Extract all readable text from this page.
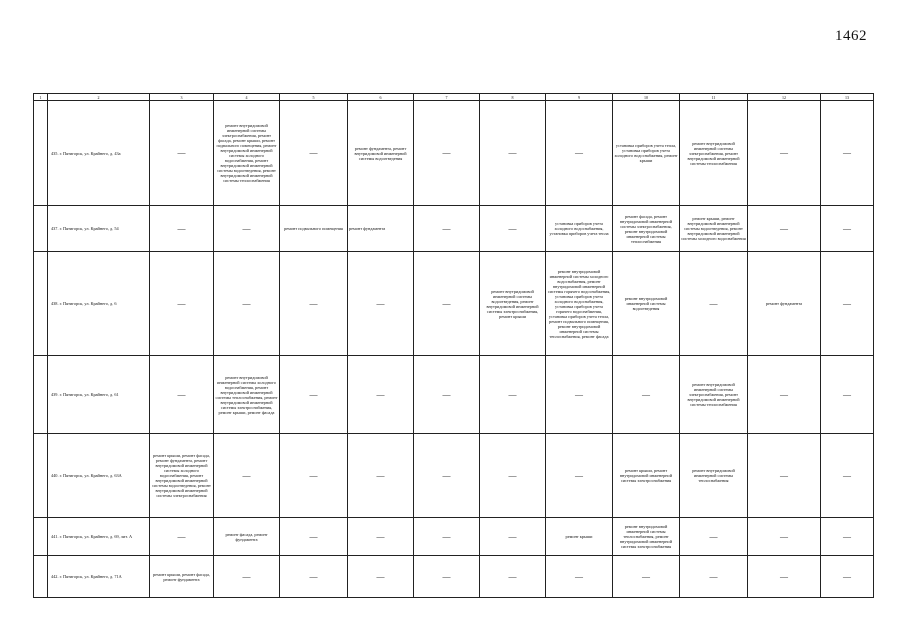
1462
1	2	3	4	5	6	7	8	9	10	11	12	13
	435. г. Пятигорск, ул. Крайнего, д. 43а	—	ремонт внутридомовой инженерной системы электроснабжения, ремонт фасада, ремонт крыши, ремонт подвального помещения, ремонт внутридомовой инженерной системы холодного водоснабжения, ремонт внутридомовой инженерной системы водоотведения, ремонт внутридомовой инженерной системы теплоснабжения	—	ремонт фундамента, ремонт внутридомовой инженерной системы водоотведения	—	—	—	установка приборов учета тепла, установка приборов учета холодного водоснабжения, ремонт крыши	ремонт внутридомовой инженерной системы электроснабжения, ремонт внутридомовой инженерной системы теплоснабжения	—	—
	437. г. Пятигорск, ул. Крайнего, д. 54	—	—	ремонт подвального помещения	ремонт фундамента	—	—	установка приборов учета холодного водоснабжения, установка приборов учета тепла	ремонт фасада, ремонт внутридомовой инженерной системы электроснабжения, ремонт внутридомовой инженерной системы теплоснабжения	ремонт крыши, ремонт внутридомовой инженерной системы водоотведения, ремонт внутридомовой инженерной системы холодного водоснабжения	—	—
	438. г. Пятигорск, ул. Крайнего, д. 6	—	—	—	—	—	ремонт внутридомовой инженерной системы водоотведения, ремонт внутридомовой инженерной системы электроснабжения, ремонт крыши	ремонт внутридомовой инженерной системы холодного водоснабжения, ремонт внутридомовой инженерной системы горячего водоснабжения, установка приборов учета холодного водоснабжения, установка приборов учета горячего водоснабжения, установка приборов учета тепла, ремонт подвального помещения, ремонт внутридомовой инженерной системы теплоснабжения, ремонт фасада	ремонт внутридомовой инженерной системы водоотведения	—	ремонт фундамента	—
	439. г. Пятигорск, ул. Крайнего, д. 61	—	ремонт внутридомовой инженерной системы холодного водоснабжения, ремонт внутридомовой инженерной системы теплоснабжения, ремонт внутридомовой инженерной системы электроснабжения, ремонт крыши, ремонт фасада	—	—	—	—	—	—	ремонт внутридомовой инженерной системы электроснабжения, ремонт внутридомовой инженерной системы теплоснабжения	—	—
	440. г. Пятигорск, ул. Крайнего, д. 63А	ремонт крыши, ремонт фасада, ремонт фундамента, ремонт внутридомовой инженерной системы холодного водоснабжения, ремонт внутридомовой инженерной системы водоотведения, ремонт внутридомовой инженерной системы электроснабжения	—	—	—	—	—	—	ремонт крыши, ремонт внутридомовой инженерной системы электроснабжения	ремонт внутридомовой инженерной системы теплоснабжения	—	—
	441. г. Пятигорск, ул. Крайнего, д. 69, лит. А	—	ремонт фасада, ремонт фундамента	—	—	—	—	ремонт крыши	ремонт внутридомовой инженерной системы теплоснабжения, ремонт внутридомовой инженерной системы электроснабжения	—	—	—
	442. г. Пятигорск, ул. Крайнего, д. 71А	ремонт крыши, ремонт фасада, ремонт фундамента	—	—	—	—	—	—	—	—	—	—
